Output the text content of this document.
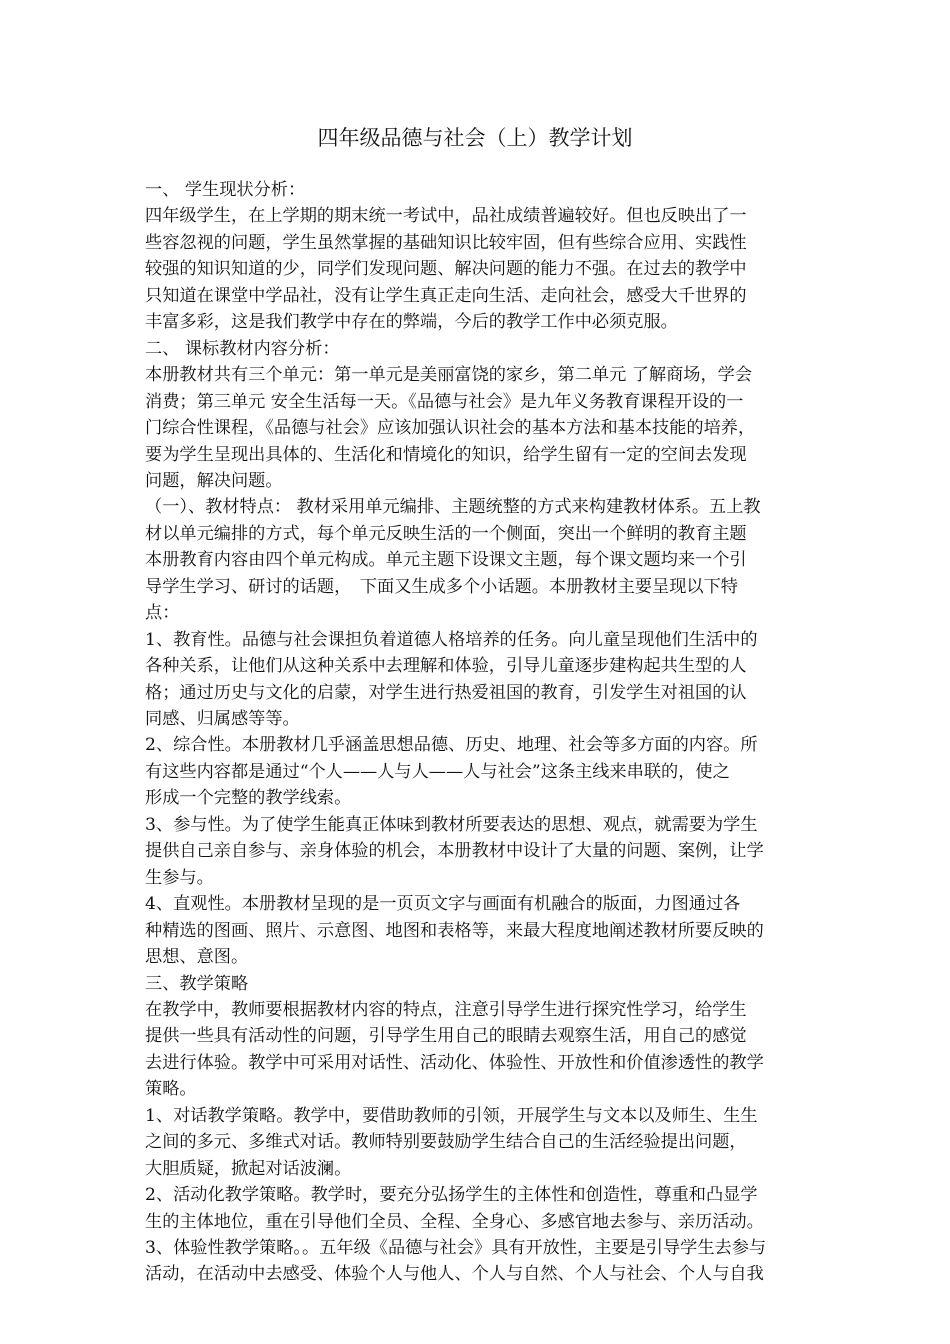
四年级品德与社会（上）教学计划
一、 学生现状分析：
四年级学生，在上学期的期末统一考试中，品社成绩普遍较好。但也反映出了一
些容忽视的问题，学生虽然掌握的基础知识比较牢固，但有些综合应用、实践性
较强的知识知道的少，同学们发现问题、解决问题的能力不强。在过去的教学中
只知道在课堂中学品社，没有让学生真正走向生活、走向社会，感受大千世界的
丰富多彩，这是我们教学中存在的弊端，今后的教学工作中必须克服。
二、 课标教材内容分析：
本册教材共有三个单元：第一单元是美丽富饶的家乡，第二单元 了解商场，学会
消费；第三单元 安全生活每一天。《品德与社会》是九年义务教育课程开设的一
门综合性课程，《品德与社会》应该加强认识社会的基本方法和基本技能的培养，
要为学生呈现出具体的、生活化和情境化的知识，给学生留有一定的空间去发现
问题，解决问题。
（一）、教材特点： 教材采用单元编排、主题统整的方式来构建教材体系。五上教
材以单元编排的方式，每个单元反映生活的一个侧面，突出一个鲜明的教育主题
本册教育内容由四个单元构成。单元主题下设课文主题，每个课文题均来一个引
导学生学习、研讨的话题，　下面又生成多个小话题。本册教材主要呈现以下特
点：
1、教育性。品德与社会课担负着道德人格培养的任务。向儿童呈现他们生活中的
各种关系，让他们从这种关系中去理解和体验，引导儿童逐步建构起共生型的人
格；通过历史与文化的启蒙，对学生进行热爱祖国的教育，引发学生对祖国的认
同感、归属感等等。
2、综合性。本册教材几乎涵盖思想品德、历史、地理、社会等多方面的内容。所
有这些内容都是通过“个人——人与人——人与社会”这条主线来串联的，使之
形成一个完整的教学线索。
3、参与性。为了使学生能真正体味到教材所要表达的思想、观点，就需要为学生
提供自己亲自参与、亲身体验的机会，本册教材中设计了大量的问题、案例，让学
生参与。
4、直观性。本册教材呈现的是一页页文字与画面有机融合的版面，力图通过各
种精选的图画、照片、示意图、地图和表格等，来最大程度地阐述教材所要反映的
思想、意图。
三、教学策略
在教学中，教师要根据教材内容的特点，注意引导学生进行探究性学习，给学生
提供一些具有活动性的问题，引导学生用自己的眼睛去观察生活，用自己的感觉
去进行体验。教学中可采用对话性、活动化、体验性、开放性和价值渗透性的教学
策略。
1、对话教学策略。教学中，要借助教师的引领，开展学生与文本以及师生、生生
之间的多元、多维式对话。教师特别要鼓励学生结合自己的生活经验提出问题，
大胆质疑，掀起对话波澜。
2、活动化教学策略。教学时，要充分弘扬学生的主体性和创造性，尊重和凸显学
生的主体地位，重在引导他们全员、全程、全身心、多感官地去参与、亲历活动。
3、体验性教学策略。。五年级《品德与社会》具有开放性，主要是引导学生去参与
活动，在活动中去感受、体验个人与他人、个人与自然、个人与社会、个人与自我
